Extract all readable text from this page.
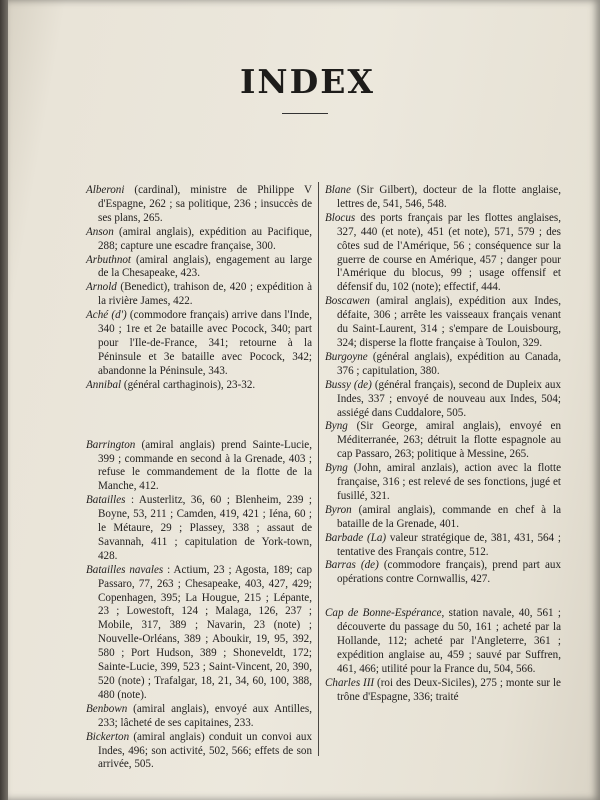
INDEX

Alberoni (cardinal), ministre de Philippe V d'Espagne, 262 ; sa politique, 236 ; insuccès de ses plans, 265.

Anson (amiral anglais), expédition au Pacifique, 288; capture une escadre française, 300.

Arbuthnot (amiral anglais), engagement au large de la Chesapeake, 423.

Arnold (Benedict), trahison de, 420 ; expédition à la rivière James, 422.

Aché (d') (commodore français) arrive dans l'Inde, 340 ; 1re et 2e bataille avec Pocock, 340; part pour l'Ile-de-France, 341; retourne à la Péninsule et 3e bataille avec Pocock, 342; abandonne la Péninsule, 343.

Annibal (général carthaginois), 23-32.

Barrington (amiral anglais) prend Sainte-Lucie, 399 ; commande en second à la Grenade, 403 ; refuse le commandement de la flotte de la Manche, 412.

Batailles : Austerlitz, 36, 60 ; Blenheim, 239 ; Boyne, 53, 211 ; Camden, 419, 421 ; Iéna, 60 ; le Métaure, 29 ; Plassey, 338 ; assaut de Savannah, 411 ; capitulation de York-town, 428.

Batailles navales : Actium, 23 ; Agosta, 189; cap Passaro, 77, 263 ; Chesapeake, 403, 427, 429; Copenhagen, 395; La Hougue, 215 ; Lépante, 23 ; Lowestoft, 124 ; Malaga, 126, 237 ; Mobile, 317, 389 ; Navarin, 23 (note) ; Nouvelle-Orléans, 389 ; Aboukir, 19, 95, 392, 580 ; Port Hudson, 389 ; Shoneveldt, 172; Sainte-Lucie, 399, 523 ; Saint-Vincent, 20, 390, 520 (note) ; Trafalgar, 18, 21, 34, 60, 100, 388, 480 (note).

Benbown (amiral anglais), envoyé aux Antilles, 233; lâcheté de ses capitaines, 233.

Bickerton (amiral anglais) conduit un convoi aux Indes, 496; son activité, 502, 566; effets de son arrivée, 505.

Blane (Sir Gilbert), docteur de la flotte anglaise, lettres de, 541, 546, 548.

Blocus des ports français par les flottes anglaises, 327, 440 (et note), 451 (et note), 571, 579 ; des côtes sud de l'Amérique, 56 ; conséquence sur la guerre de course en Amérique, 457 ; danger pour l'Amérique du blocus, 99 ; usage offensif et défensif du, 102 (note); effectif, 444.

Boscawen (amiral anglais), expédition aux Indes, défaite, 306 ; arrête les vaisseaux français venant du Saint-Laurent, 314 ; s'empare de Louisbourg, 324; disperse la flotte française à Toulon, 329.

Burgoyne (général anglais), expédition au Canada, 376 ; capitulation, 380.

Bussy (de) (général français), second de Dupleix aux Indes, 337 ; envoyé de nouveau aux Indes, 504; assiégé dans Cuddalore, 505.

Byng (Sir George, amiral anglais), envoyé en Méditerranée, 263; détruit la flotte espagnole au cap Passaro, 263; politique à Messine, 265.

Byng (John, amiral anzlais), action avec la flotte française, 316 ; est relevé de ses fonctions, jugé et fusillé, 321.

Byron (amiral anglais), commande en chef à la bataille de la Grenade, 401.

Barbade (La) valeur stratégique de, 381, 431, 564 ; tentative des Français contre, 512.

Barras (de) (commodore français), prend part aux opérations contre Cornwallis, 427.

Cap de Bonne-Espérance, station navale, 40, 561 ; découverte du passage du 50, 161 ; acheté par la Hollande, 112; acheté par l'Angleterre, 361 ; expédition anglaise au, 459 ; sauvé par Suffren, 461, 466; utilité pour la France du, 504, 566.

Charles III (roi des Deux-Siciles), 275 ; monte sur le trône d'Espagne, 336; traité
